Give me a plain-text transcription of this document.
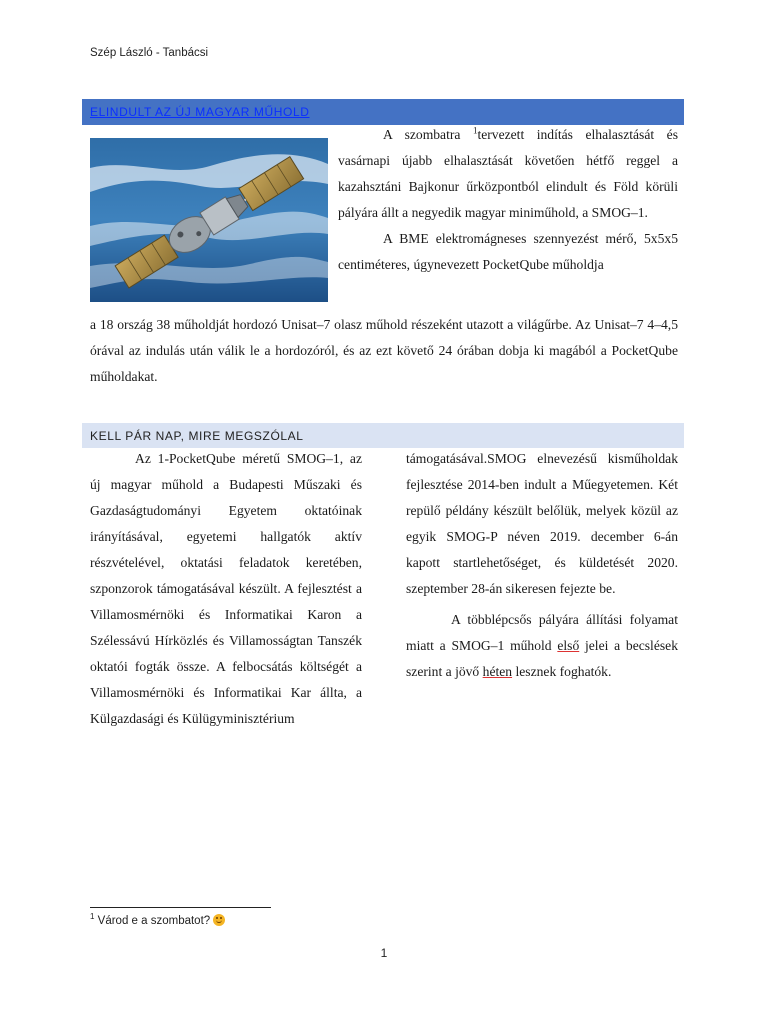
Szép László - Tanbácsi
ELINDULT AZ ÚJ MAGYAR MŰHOLD

A szombatra $^1$tervezett indítás elhalasztását és vasárnapi újabb elhalasztását követően hétfő reggel a kazahsztáni Bajkonur űrközpontból elindult és Föld körüli pályára állt a negyedik magyar miniműhold, a SMOG–1.

A BME elektromágneses szennyezést mérő, 5x5x5 centiméteres, úgynevezett PocketQube műholdja

a 18 ország 38 műholdját hordozó Unisat–7 olasz műhold részeként utazott a világűrbe. Az Unisat–7 4–4,5 órával az indulás után válik le a hordozóról, és az ezt követő 24 órában dobja ki magából a PocketQube műholdakat.

KELL PÁR NAP, MIRE MEGSZÓLAL

Az 1-PocketQube méretű SMOG–1, az új magyar műhold a Budapesti Műszaki és Gazdaságtudományi Egyetem oktatóinak irányításával, egyetemi hallgatók aktív részvételével, oktatási feladatok keretében, szponzorok támogatásával készült. A fejlesztést a Villamosmérnöki és Informatikai Karon a Szélessávú Hírközlés és Villamosságtan Tanszék oktatói fogták össze. A felbocsátás költségét a Villamosmérnöki és Informatikai Kar állta, a Külgazdasági és Külügyminisztérium

támogatásával.SMOG elnevezésű kisműholdak fejlesztése 2014-ben indult a Műegyetemen. Két repülő példány készült belőlük, melyek közül az egyik SMOG-P néven 2019. december 6-án kapott startlehetőséget, és küldetését 2020. szeptember 28-án sikeresen fejezte be.

A többlépcsős pályára állítási folyamat miatt a SMOG–1 műhold első jelei a becslések szerint a jövő héten lesznek foghatók.

$^1$ Várod e a szombatot?
1
